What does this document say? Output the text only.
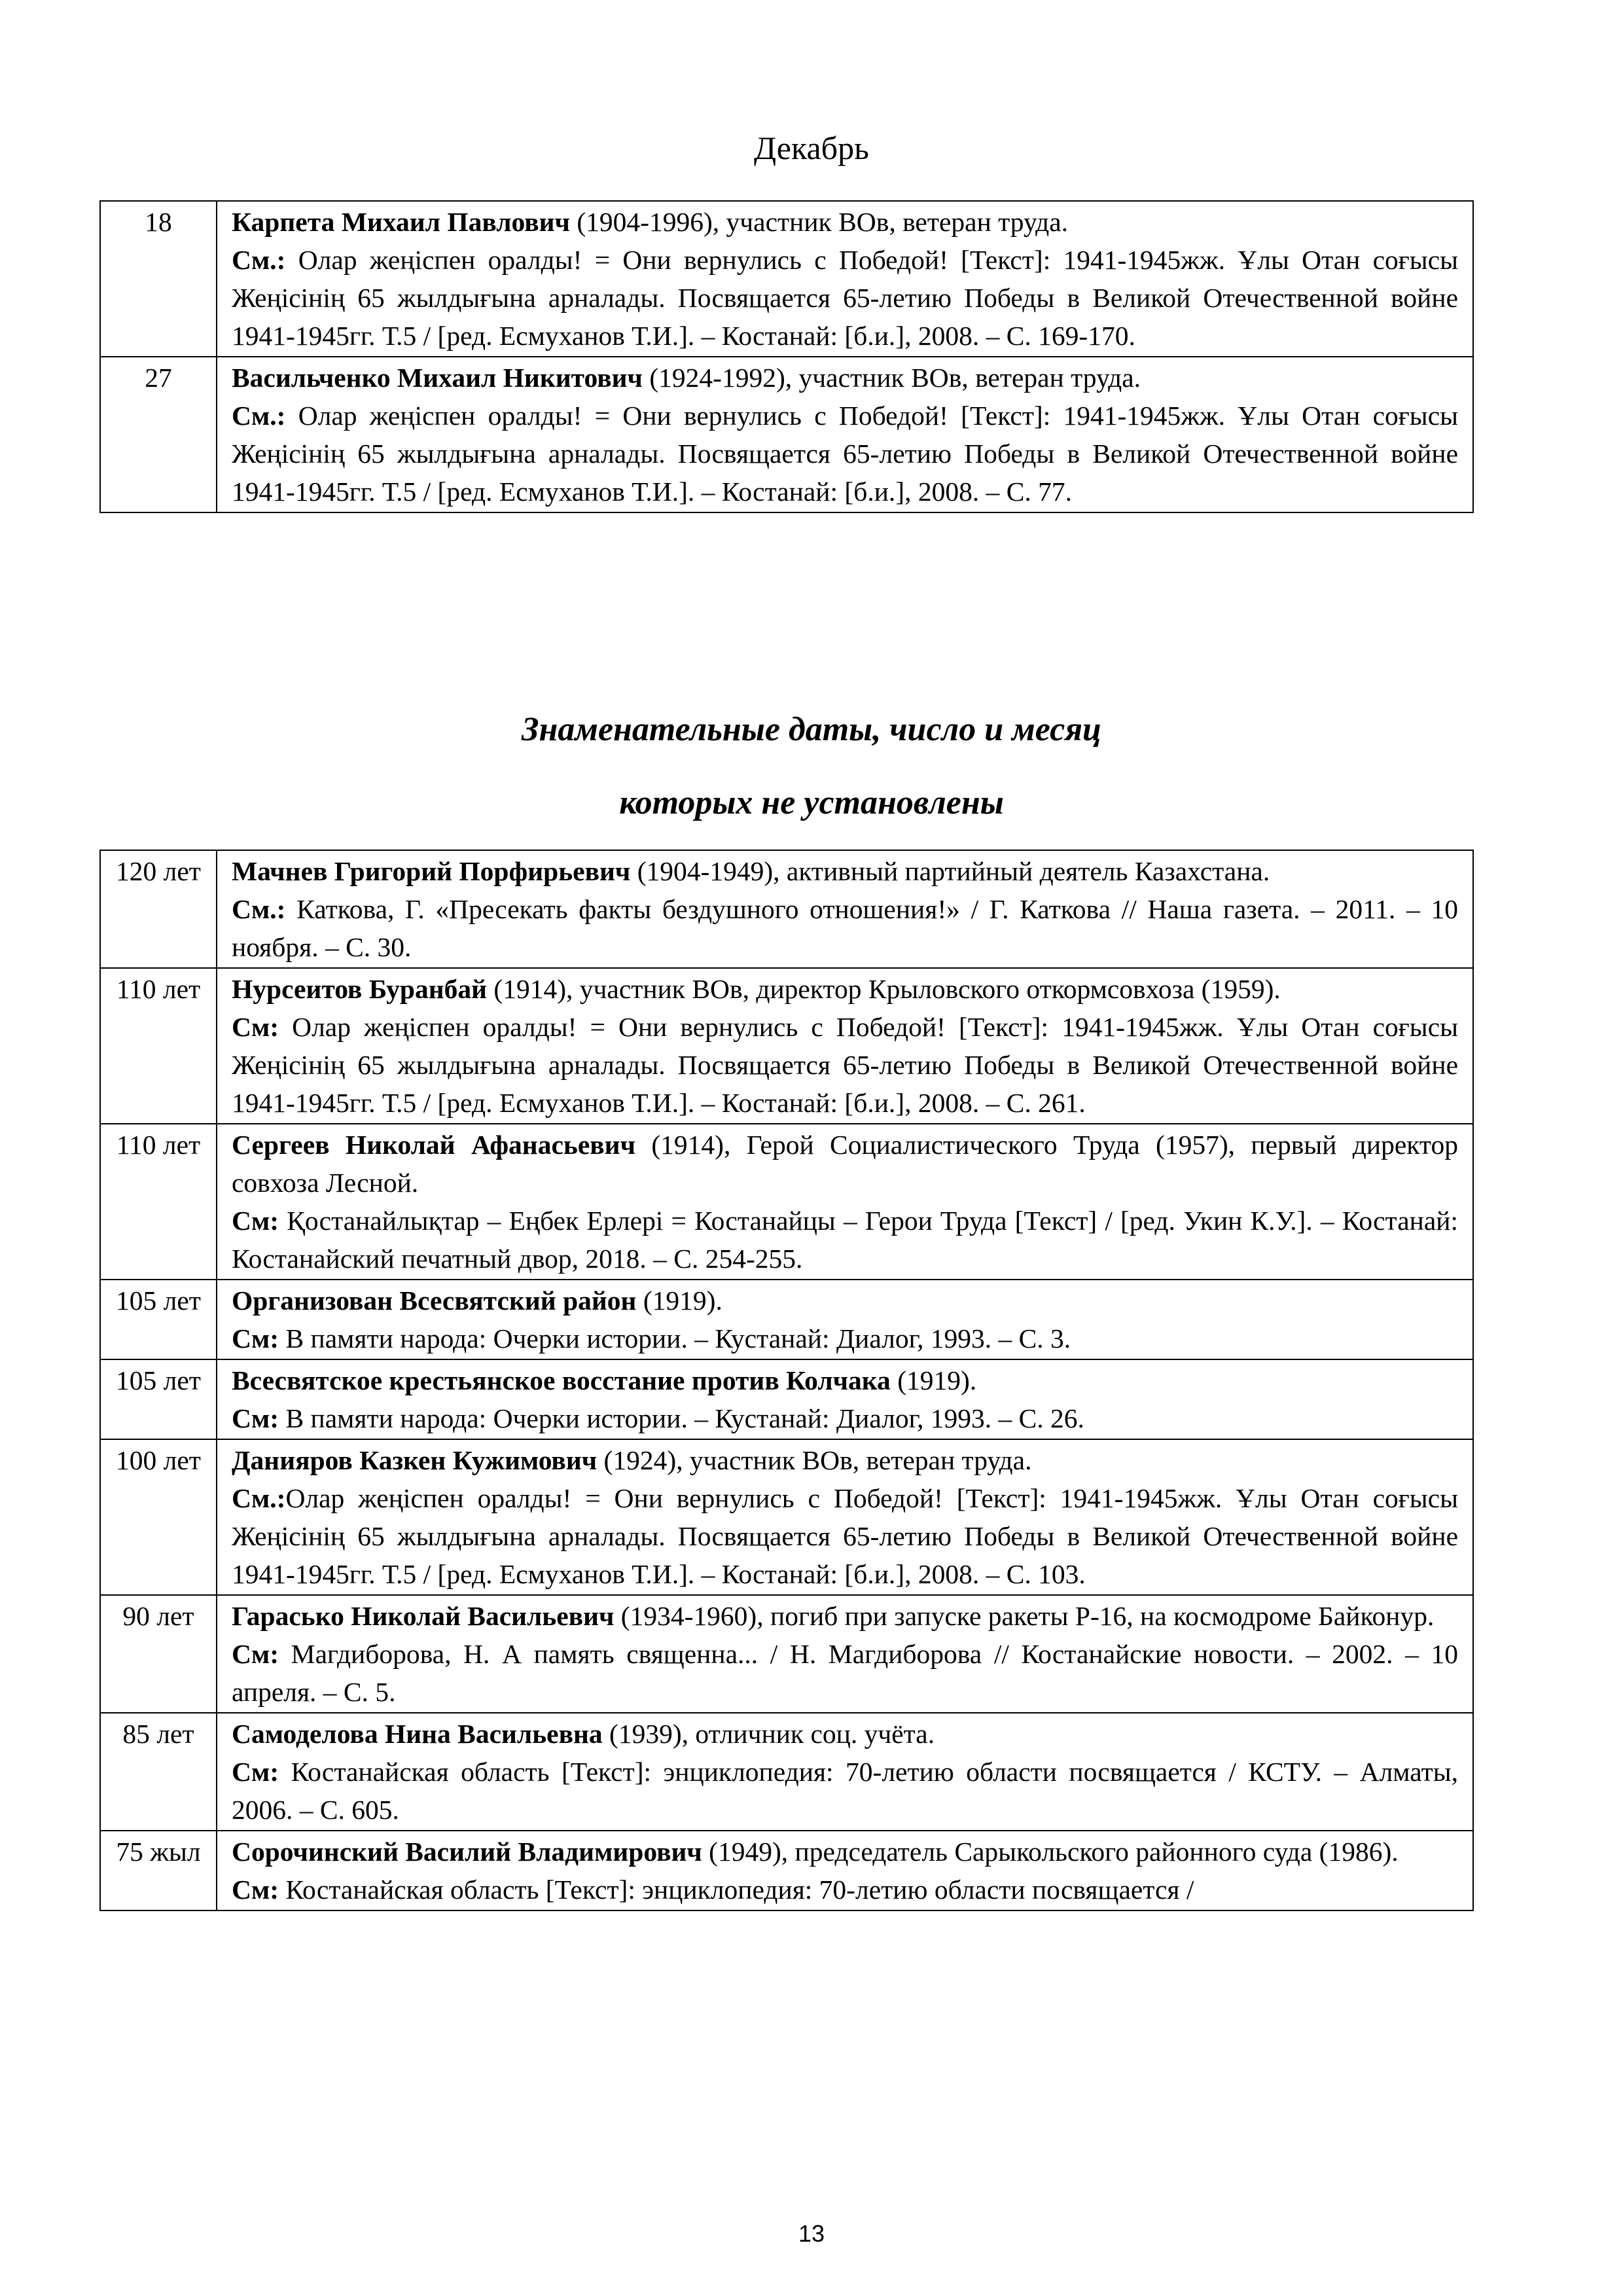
Декабрь
18	Карпета Михаил Павлович (1904-1996), участник ВОв, ветеран труда.
См.: Олар жеңіспен оралды! = Они вернулись с Победой! [Текст]: 1941-1945жж. Ұлы Отан соғысы Жеңісінің 65 жылдығына арналады. Посвящается 65-летию Победы в Великой Отечественной войне 1941-1945гг. Т.5 / [ред. Есмуханов Т.И.]. – Костанай: [б.и.], 2008. – С. 169-170.

27	Васильченко Михаил Никитович (1924-1992), участник ВОв, ветеран труда.
См.: Олар жеңіспен оралды! = Они вернулись с Победой! [Текст]: 1941-1945жж. Ұлы Отан соғысы Жеңісінің 65 жылдығына арналады. Посвящается 65-летию Победы в Великой Отечественной войне 1941-1945гг. Т.5 / [ред. Есмуханов Т.И.]. – Костанай: [б.и.], 2008. – С. 77.
Знаменательные даты, число и месяц
которых не установлены
120 лет	Мачнев Григорий Порфирьевич (1904-1949), активный партийный деятель Казахстана.
См.: Каткова, Г. «Пресекать факты бездушного отношения!» / Г. Каткова // Наша газета. – 2011. – 10 ноября. – С. 30.

110 лет	Нурсеитов Буранбай (1914), участник ВОв, директор Крыловского откормсовхоза (1959).
См: Олар жеңіспен оралды! = Они вернулись с Победой! [Текст]: 1941-1945жж. Ұлы Отан соғысы Жеңісінің 65 жылдығына арналады. Посвящается 65-летию Победы в Великой Отечественной войне 1941-1945гг. Т.5 / [ред. Есмуханов Т.И.]. – Костанай: [б.и.], 2008. – С. 261.

110 лет	Сергеев Николай Афанасьевич (1914), Герой Социалистического Труда (1957), первый директор совхоза Лесной.
См: Қостанайлықтар – Еңбек Ерлері = Костанайцы – Герои Труда [Текст] / [ред. Укин К.У.]. – Костанай: Костанайский печатный двор, 2018. – С. 254-255.

105 лет	Организован Всесвятский район (1919).
См: В памяти народа: Очерки истории. – Кустанай: Диалог, 1993. – С. 3.

105 лет	Всесвятское крестьянское восстание против Колчака (1919).
См: В памяти народа: Очерки истории. – Кустанай: Диалог, 1993. – С. 26.

100 лет	Данияров Казкен Кужимович (1924), участник ВОв, ветеран труда.
См.:Олар жеңіспен оралды! = Они вернулись с Победой! [Текст]: 1941-1945жж. Ұлы Отан соғысы Жеңісінің 65 жылдығына арналады. Посвящается 65-летию Победы в Великой Отечественной войне 1941-1945гг. Т.5 / [ред. Есмуханов Т.И.]. – Костанай: [б.и.], 2008. – С. 103.

90 лет	Гарасько Николай Васильевич (1934-1960), погиб при запуске ракеты Р-16, на космодроме Байконур.
См: Магдиборова, Н. А память священна... / Н. Магдиборова // Костанайские новости. – 2002. – 10 апреля. – С. 5.

85 лет	Самоделова Нина Васильевна (1939), отличник соц. учёта.
См: Костанайская область [Текст]: энциклопедия: 70-летию области посвящается / КСТУ. – Алматы, 2006. – С. 605.

75 жыл	Сорочинский Василий Владимирович (1949), председатель Сарыкольского районного суда (1986).
См: Костанайская область [Текст]: энциклопедия: 70-летию области посвящается /
13
